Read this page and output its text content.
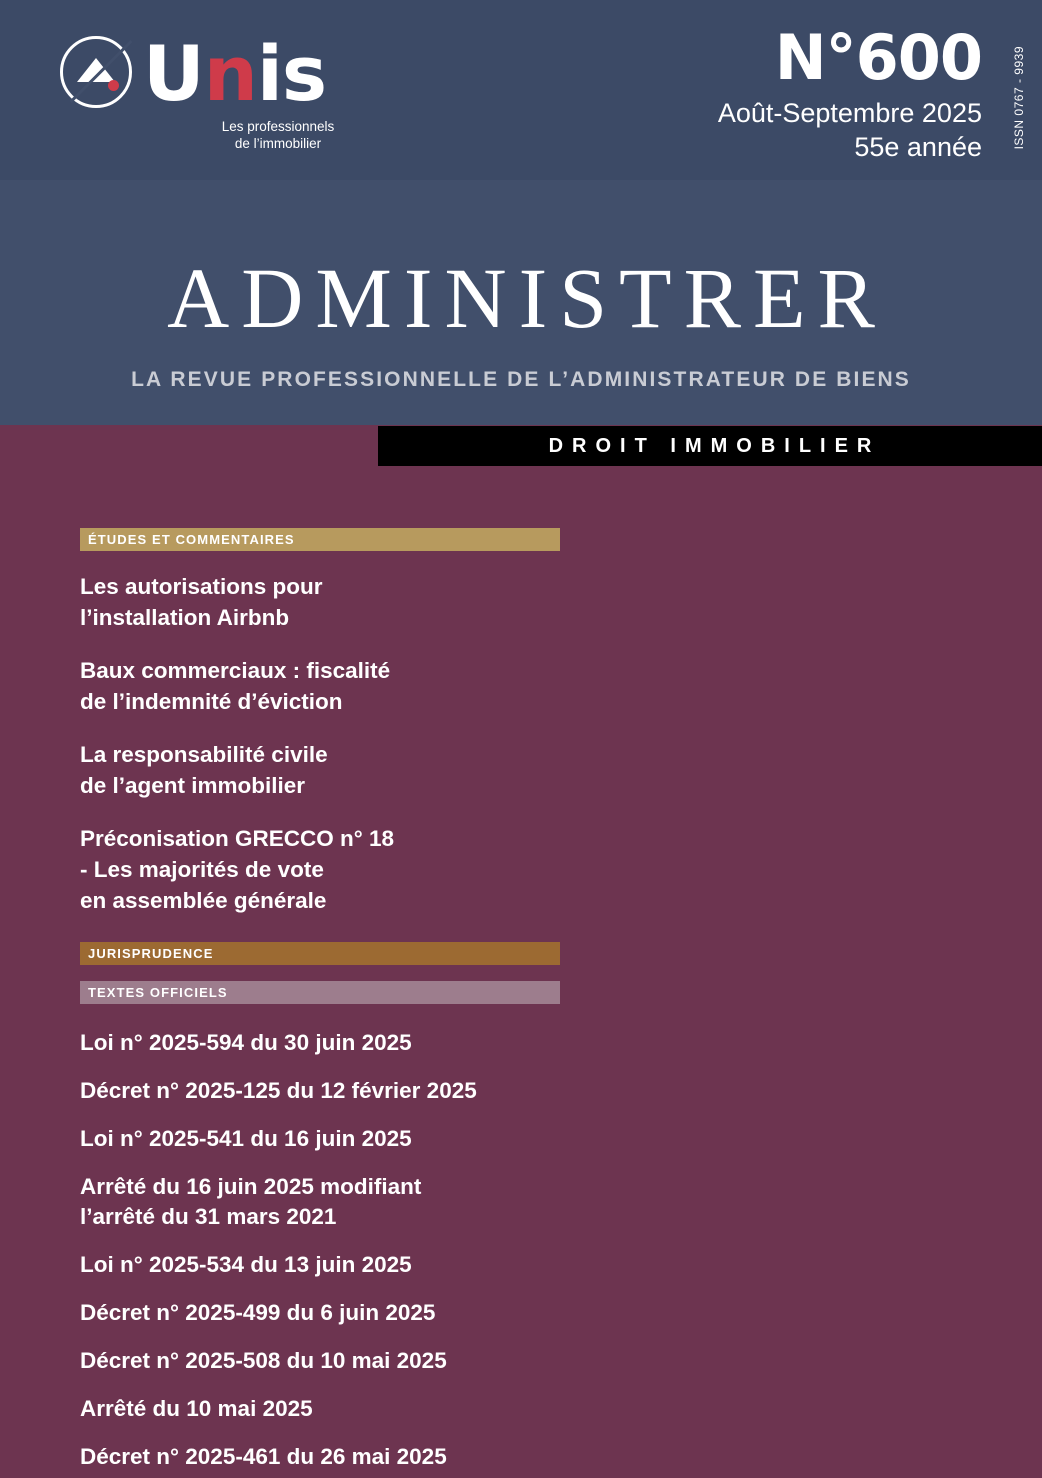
Unis
Les professionnels
de l’immobilier
N°600
Août-Septembre 2025
55e année	ISSN 0767 - 9939
ADMINISTRER
LA REVUE PROFESSIONNELLE DE L’ADMINISTRATEUR DE BIENS
DROIT IMMOBILIER
ÉTUDES ET COMMENTAIRES
Les autorisations pour
l’installation Airbnb
Baux commerciaux : fiscalité
de l’indemnité d’éviction
La responsabilité civile
de l’agent immobilier
Préconisation GRECCO n° 18
- Les majorités de vote
en assemblée générale
JURISPRUDENCE
TEXTES OFFICIELS
Loi n° 2025-594 du 30 juin 2025
Décret n° 2025-125 du 12 février 2025
Loi n° 2025-541 du 16 juin 2025
Arrêté du 16 juin 2025 modifiant
l’arrêté du 31 mars 2021
Loi n° 2025-534 du 13 juin 2025
Décret n° 2025-499 du 6 juin 2025
Décret n° 2025-508 du 10 mai 2025
Arrêté du 10 mai 2025
Décret n° 2025-461 du 26 mai 2025
